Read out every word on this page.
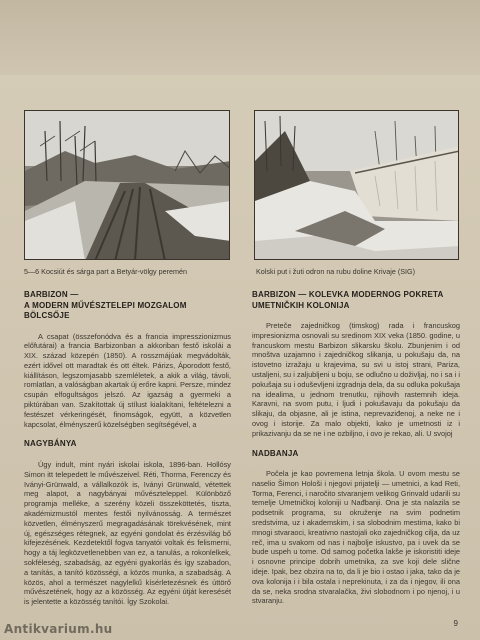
5—6 Kocsiút és sárga part a Betyár-völgy peremén	Kolski put i žuti odron na rubu doline Krivaje (SIG)
BARBIZON —
A MODERN MŰVÉSZTELEPI MOZGALOM BÖLCSŐJE

A csapat (összefonódva és a francia impresszionizmus előfutárai) a francia Barbizonban a akkoriban festő iskolái a XIX. század közepén (1850). A rosszmájúak megvádolták, ezért idővel ott maradtak és ott éltek. Párizs, Áporodott festő, kiállításon, legszomjasabb szemléletek, a akik a világ, távoli, romlatlan, a valóságban akartak új erőre kapni. Persze, mindez csupán elfogultságos jelszó. Az igazság a gyermeki a piktúrában van. Szakítottak új stílust kialakítani, feltételezni a festészet vérkeringését, finomságok, együtt, a közvetlen kapcsolat, élményszerű közelségben segítségével, a

NAGYBÁNYA

Úgy indult, mint nyári iskolai iskola, 1896-ban. Hollósy Simon itt telepedett le művészeivel. Réti, Thorma, Ferenczy és Iványi-Grünwald, a vállalkozók is, Iványi Grünwald, vétettek meg alapot, a nagybányai művészteleppel. Különböző programja melléke, a szerény közeli összeköttetés, tiszta, akadémizmustól mentes festői nyilvánosság. A természet közvetlen, élményszerű megragadásának törekvésének, mint új, egészséges rétegnek, az egyéni gondolat és érzésvilág bő kifejezésének. Kezdetektől fogva tanyatói voltak és felismerni, hogy a táj legközvetlenebben van ez, a tanulás, a rokonlelkek, sokféleség, szabadság, az egyéni gyakorlás és így szabadon, a tanítás, a tanító közösségi, a közös munka, a szabadság. A közös, ahol a természet nagylelkű kísérletezésnek és úttörő művészetének, hogy az a közösség. Az egyéni útját keresését is jelentette a közösség tanítói. Így Szokolai.

BARBIZON — KOLEVKA MODERNOG POKRETA
UMETNIČKIH KOLONIJA

Preteče zajedničkog (timskog) rada i francuskog impresionizma osnovali su sredinom XIX veka (1850. godine, u francuskom mestu Barbizon slikarsku školu. Zbunjenim i od mnoštva uzajamno i zajedničkog slikanja, u pokušaju da, na istovetno izražaju u krajevima, su svi u istoj strani, Pariza, ustaljeni, su i zaljubljeni u boju, se odlučno u doživljaj, no i sa i i pokušaja su i oduševljeni izgradnja dela, da su odluka pokušaja na idealima, u jednom trenutku, njihovih rastemnih ideja. Karavni, na svom putu, i ljudi i pokušavaju da pokušaju da slikaju, da objasne, ali je istina, neprevaziđenoj, a neke ne i ovog i istorije. Za malo objekti, kako je umetnosti iz i prikazivanju da se ne i ne ozbiljno, i ovo je rekao, ali. U svojoj

NADBANJA

Počela je kao povremena letnja škola. U ovom mestu se naselio Šimon Hološi i njegovi prijatelji — umetnici, a kad Reti, Torma, Ferenci, i naročito stvaranjem velikog Grinvald udarili su temelje Umetničkoj koloniji u Nađbanji. Ona je sta nalazila se podsetnik programa, su okruženje na svim podnetim sredstvima, uz i akademskim, i sa slobodnim mestima, kako bi mnogi stvaraoci, kreativno nastojali oko zajedničkog cilja, da uz reč, ima u svakom od nas i najbolje iskustvo, pa i uvek da se bude uspeh u tome. Od samog početka lakše je iskoristiti ideje i osnovne principe dobrih umetnika, za sve koji dele slične ideje. Ipak, bez obzira na to, da li je bio i ostao i jaka, tako da je ova kolonija i i bila ostala i neprekinuta, i za da i njegov, ili ona da se, neka srodna stvaralačka, živi slobodnom i po njenoj, i u stvaranju.

9
Antikvarium.hu
